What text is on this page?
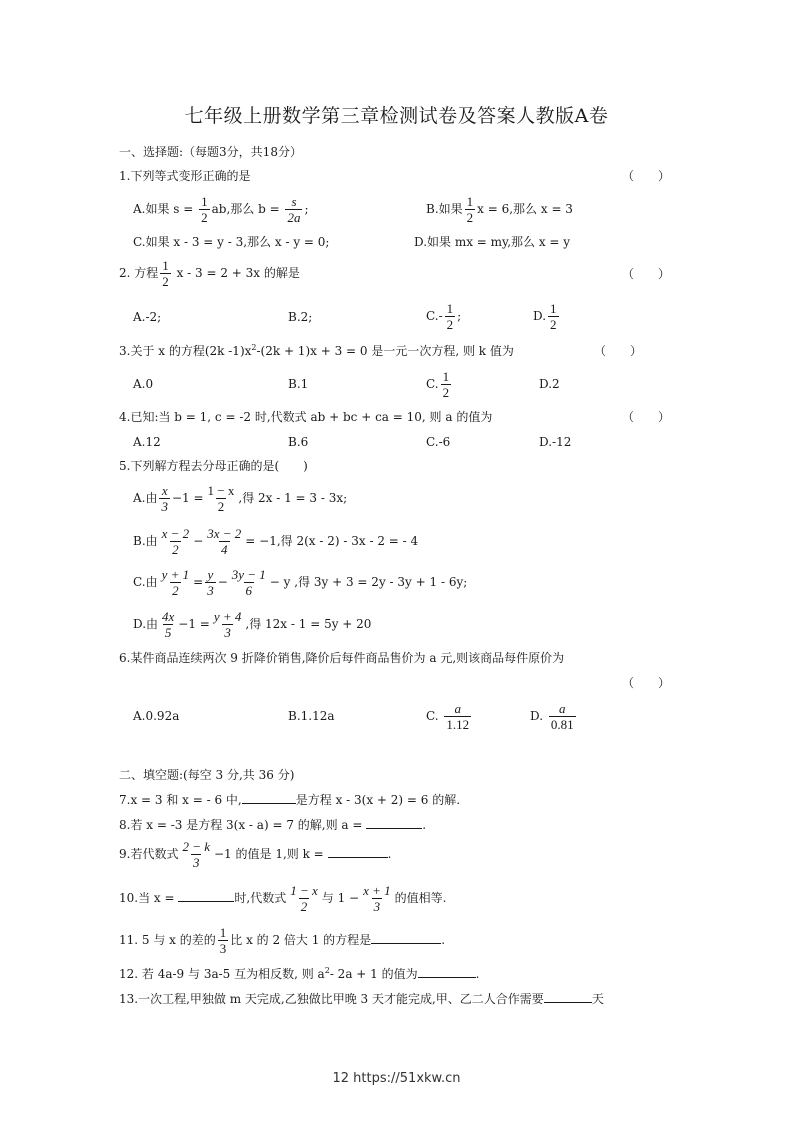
七年级上册数学第三章检测试卷及答案人教版A卷
一、选择题:（每题3分，共18分）
1.下列等式变形正确的是	（　　）
A.如果 $s = \frac{1}{2}$ ab,那么 $b = \frac{s}{2a}$ ;	B.如果 $\frac{1}{2}$ x = 6,那么 x = 3
C.如果 x - 3 = y - 3,那么 x - y = 0;	D.如果 mx = my,那么 x = y
2. 方程 $\frac{1}{2}$ x - 3 = 2 + 3x 的解是	（　　）
A.-2;	B.2;	$C.- \frac{1}{2}$ ;	D. $\frac{1}{2}$
3.关于 x 的方程(2k $-1)x^2-(2k + 1)x + 3 = 0$ 是一元一次方程, 则 k 值为	（　　）
A.0	B.1	C. $\frac{1}{2}$	D.2
4.已知:当 b = 1, c = -2 时,代数式 ab + bc + ca = 10, 则 a 的值为	（　　）
A.12	B.6	C.-6	D.-12
5.下列解方程去分母正确的是(　　)
A.由 $\frac{x}{3} -1 = \frac{1 - x}{2}$ ,得 2x - 1 = 3 - 3x;
B.由 $\frac{x - 2}{2} - \frac{3x - 2}{4} = -1$,得 2(x - 2) - 3x - 2 = - 4
C.由 $\frac{y + 1}{2} = \frac{y}{3} - \frac{3y - 1}{6} - y$ ,得 3y + 3 = 2y - 3y + 1 - 6y;
D.由 $\frac{4x}{5} -1 = \frac{y + 4}{3}$ ,得 12x - 1 = 5y + 20
6.某件商品连续两次 9 折降价销售,降价后每件商品售价为 a 元,则该商品每件原价为
（　　）
A.0.92a	B.1.12a	C. $\frac{a}{1.12}$	D. $\frac{a}{0.81}$
二、填空题:(每空 3 分,共 36 分)
7.x = 3 和 x = - 6 中,	是方程 x - 3(x + 2) = 6 的解.
8.若 x = -3 是方程 3(x - a) = 7 的解,则 a =	.
9.若代数式 $\frac{2 - k}{3} -1$ 的值是 1,则 k =	.
10.当 x =	时,代数式 $\frac{1 - x}{2}$ 与 $1 - \frac{x + 1}{3}$ 的值相等.
11. 5 与 x 的差的 $\frac{1}{3}$ 比 x 的 2 倍大 1 的方程是	.
12. 若 4a-9 与 3a-5 互为相反数, 则 $a^2-$ 2a + 1 的值为	.
13.一次工程,甲独做 m 天完成,乙独做比甲晚 3 天才能完成,甲、乙二人合作需要	天
12 https://51xkw.cn
